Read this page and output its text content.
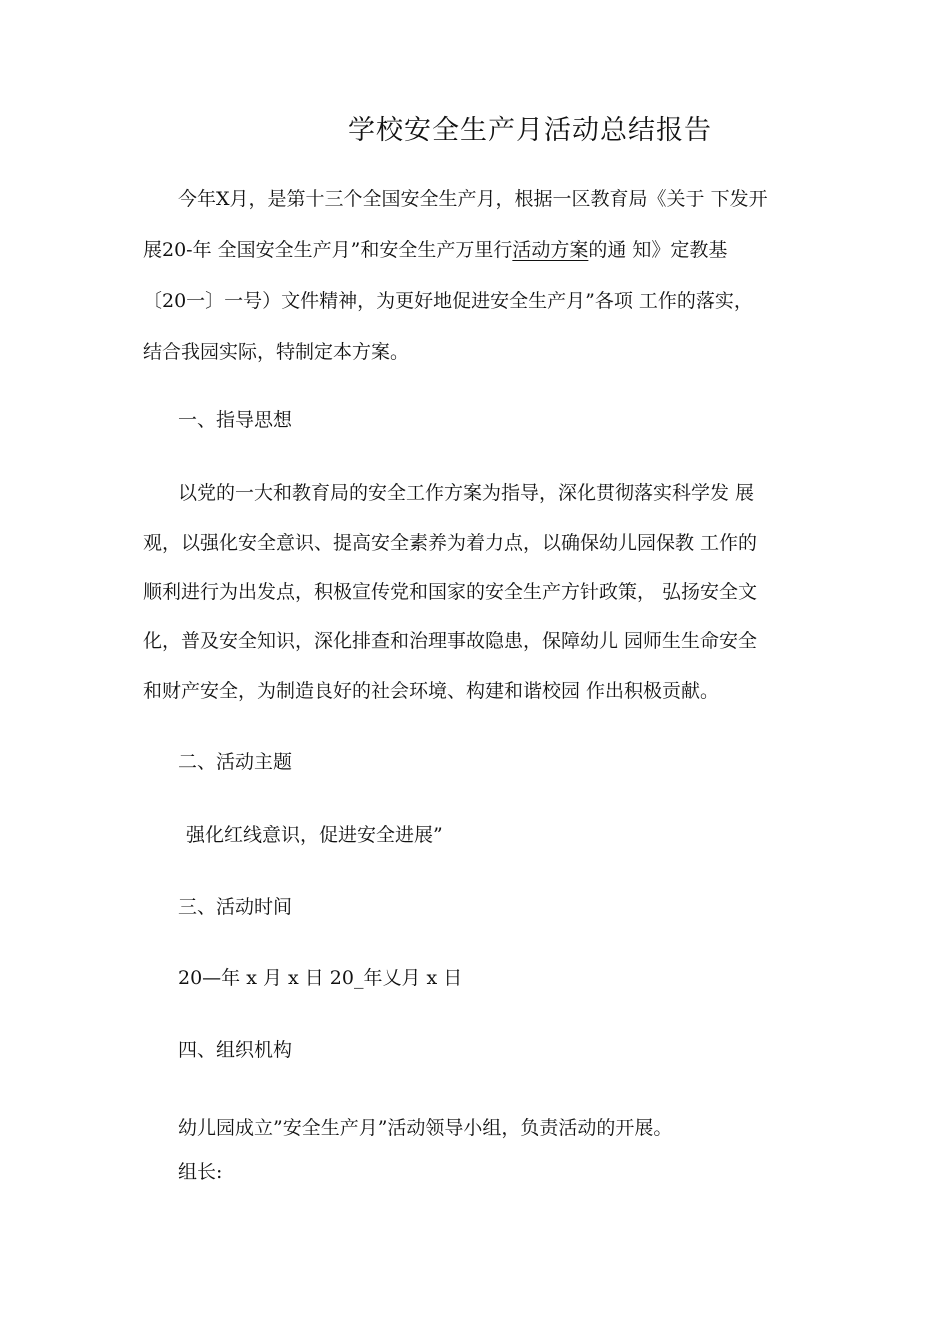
学校安全生产月活动总结报告
今年X月，是第十三个全国安全生产月，根据一区教育局《关于 下发开
展20-年 全国安全生产月”和安全生产万里行活动方案的通 知》定教基
〔20一〕一号）文件精神，为更好地促进安全生产月”各项 工作的落实，
结合我园实际，特制定本方案。
一、指导思想
以党的一大和教育局的安全工作方案为指导，深化贯彻落实科学发 展
观，以强化安全意识、提高安全素养为着力点，以确保幼儿园保教 工作的
顺利进行为出发点，积极宣传党和国家的安全生产方针政策， 弘扬安全文
化，普及安全知识，深化排查和治理事故隐患，保障幼儿 园师生生命安全
和财产安全，为制造良好的社会环境、构建和谐校园 作出积极贡献。
二、活动主题
强化红线意识，促进安全进展”
三、活动时间
20—年 x 月 x 日 20_年乂月 x 日
四、组织机构
幼儿园成立”安全生产月”活动领导小组，负责活动的开展。
组长:
